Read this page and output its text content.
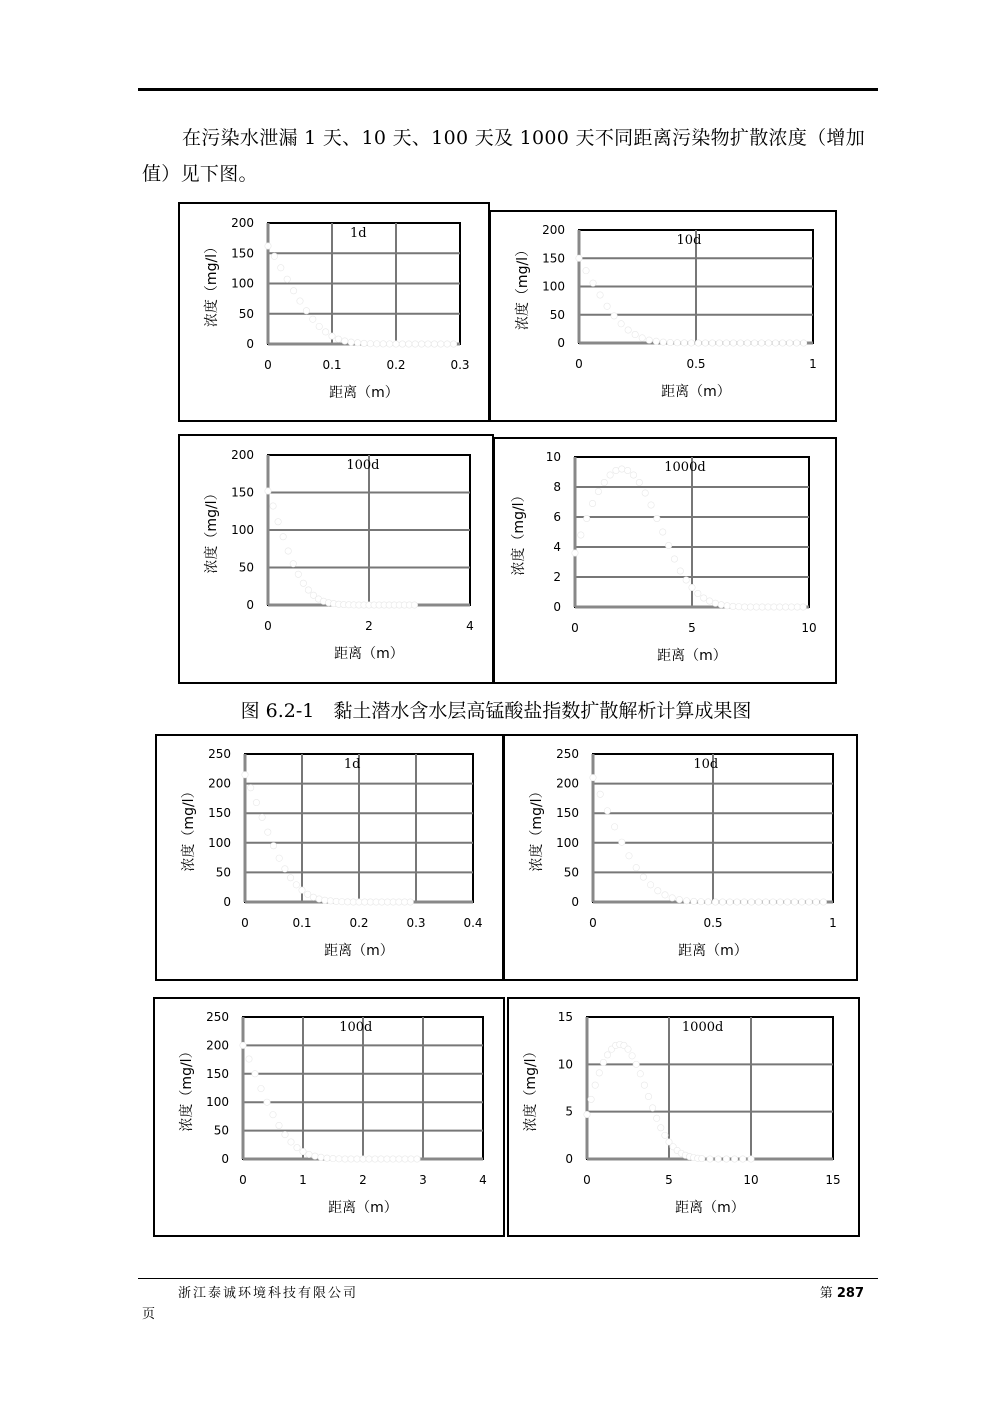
在污染水泄漏 1 天、10 天、100 天及 1000 天不同距离污染物扩散浓度（增加值）见下图。
0
50
100
150
200
0	0.1	0.2	0.3
1d
距离（m）
浓度（mg/l）
0
50
100
150
200
0	0.5	1
10d
距离（m）
浓度（mg/l）
0
50
100
150
200
0	2	4
100d
距离（m）
浓度（mg/l）
0
2
4
6
8
10
0	5	10
1000d
距离（m）
浓度（mg/l）
图 6.2-1　黏土潜水含水层高锰酸盐指数扩散解析计算成果图
0
50
100
150
200
250
0	0.1	0.2	0.3	0.4
1d
距离（m）
浓度（mg/l）
0
50
100
150
200
250
0	0.5	1
10d
距离（m）
浓度（mg/l）
0
50
100
150
200
250
0	1	2	3	4
100d
距离（m）
浓度（mg/l）
0
5
10
15
0	5	10	15
1000d
距离（m）
浓度（mg/l）
浙江泰诚环境科技有限公司	第 287
页
